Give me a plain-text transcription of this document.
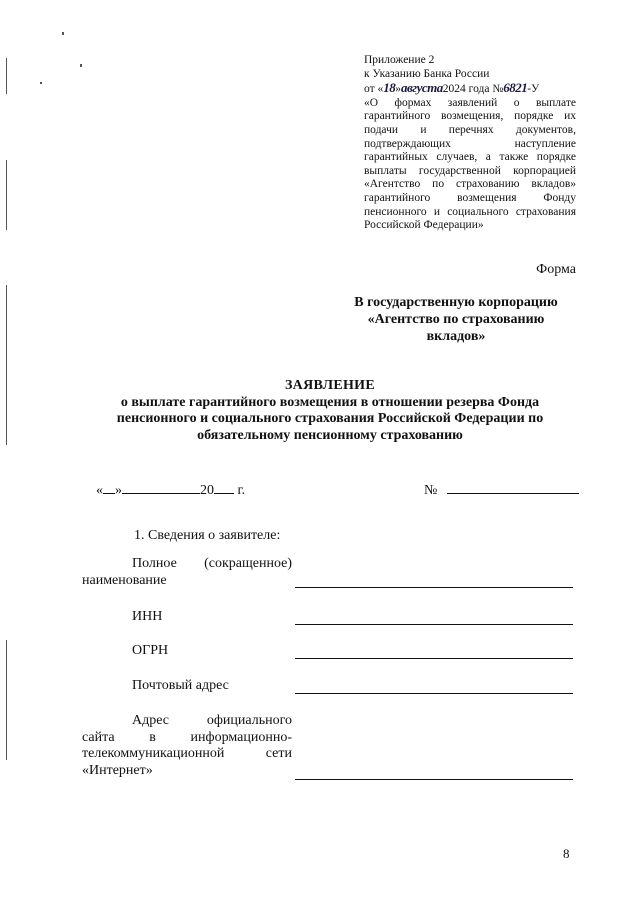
Приложение 2
к Указанию Банка России
от «18»августа2024 года №6821-У
«О формах заявлений о выплате
гарантийного возмещения, порядке их
подачи и перечнях документов,
подтверждающих наступление
гарантийных случаев, а также порядке
выплаты государственной корпорацией
«Агентство по страхованию вкладов»
гарантийного возмещения Фонду
пенсионного и социального страхования
Российской Федерации»
Форма
В государственную корпорацию
«Агентство по страхованию
вкладов»
ЗАЯВЛЕНИЕ
о выплате гарантийного возмещения в отношении резерва Фонда
пенсионного и социального страхования Российской Федерации по
обязательному пенсионному страхованию
« »	20 г.	№
1. Сведения о заявителе:
Полное (сокращенное)
наименование
ИНН
ОГРН
Почтовый адрес
Адрес официального
сайта в информационно-
телекоммуникационной сети
«Интернет»
8
